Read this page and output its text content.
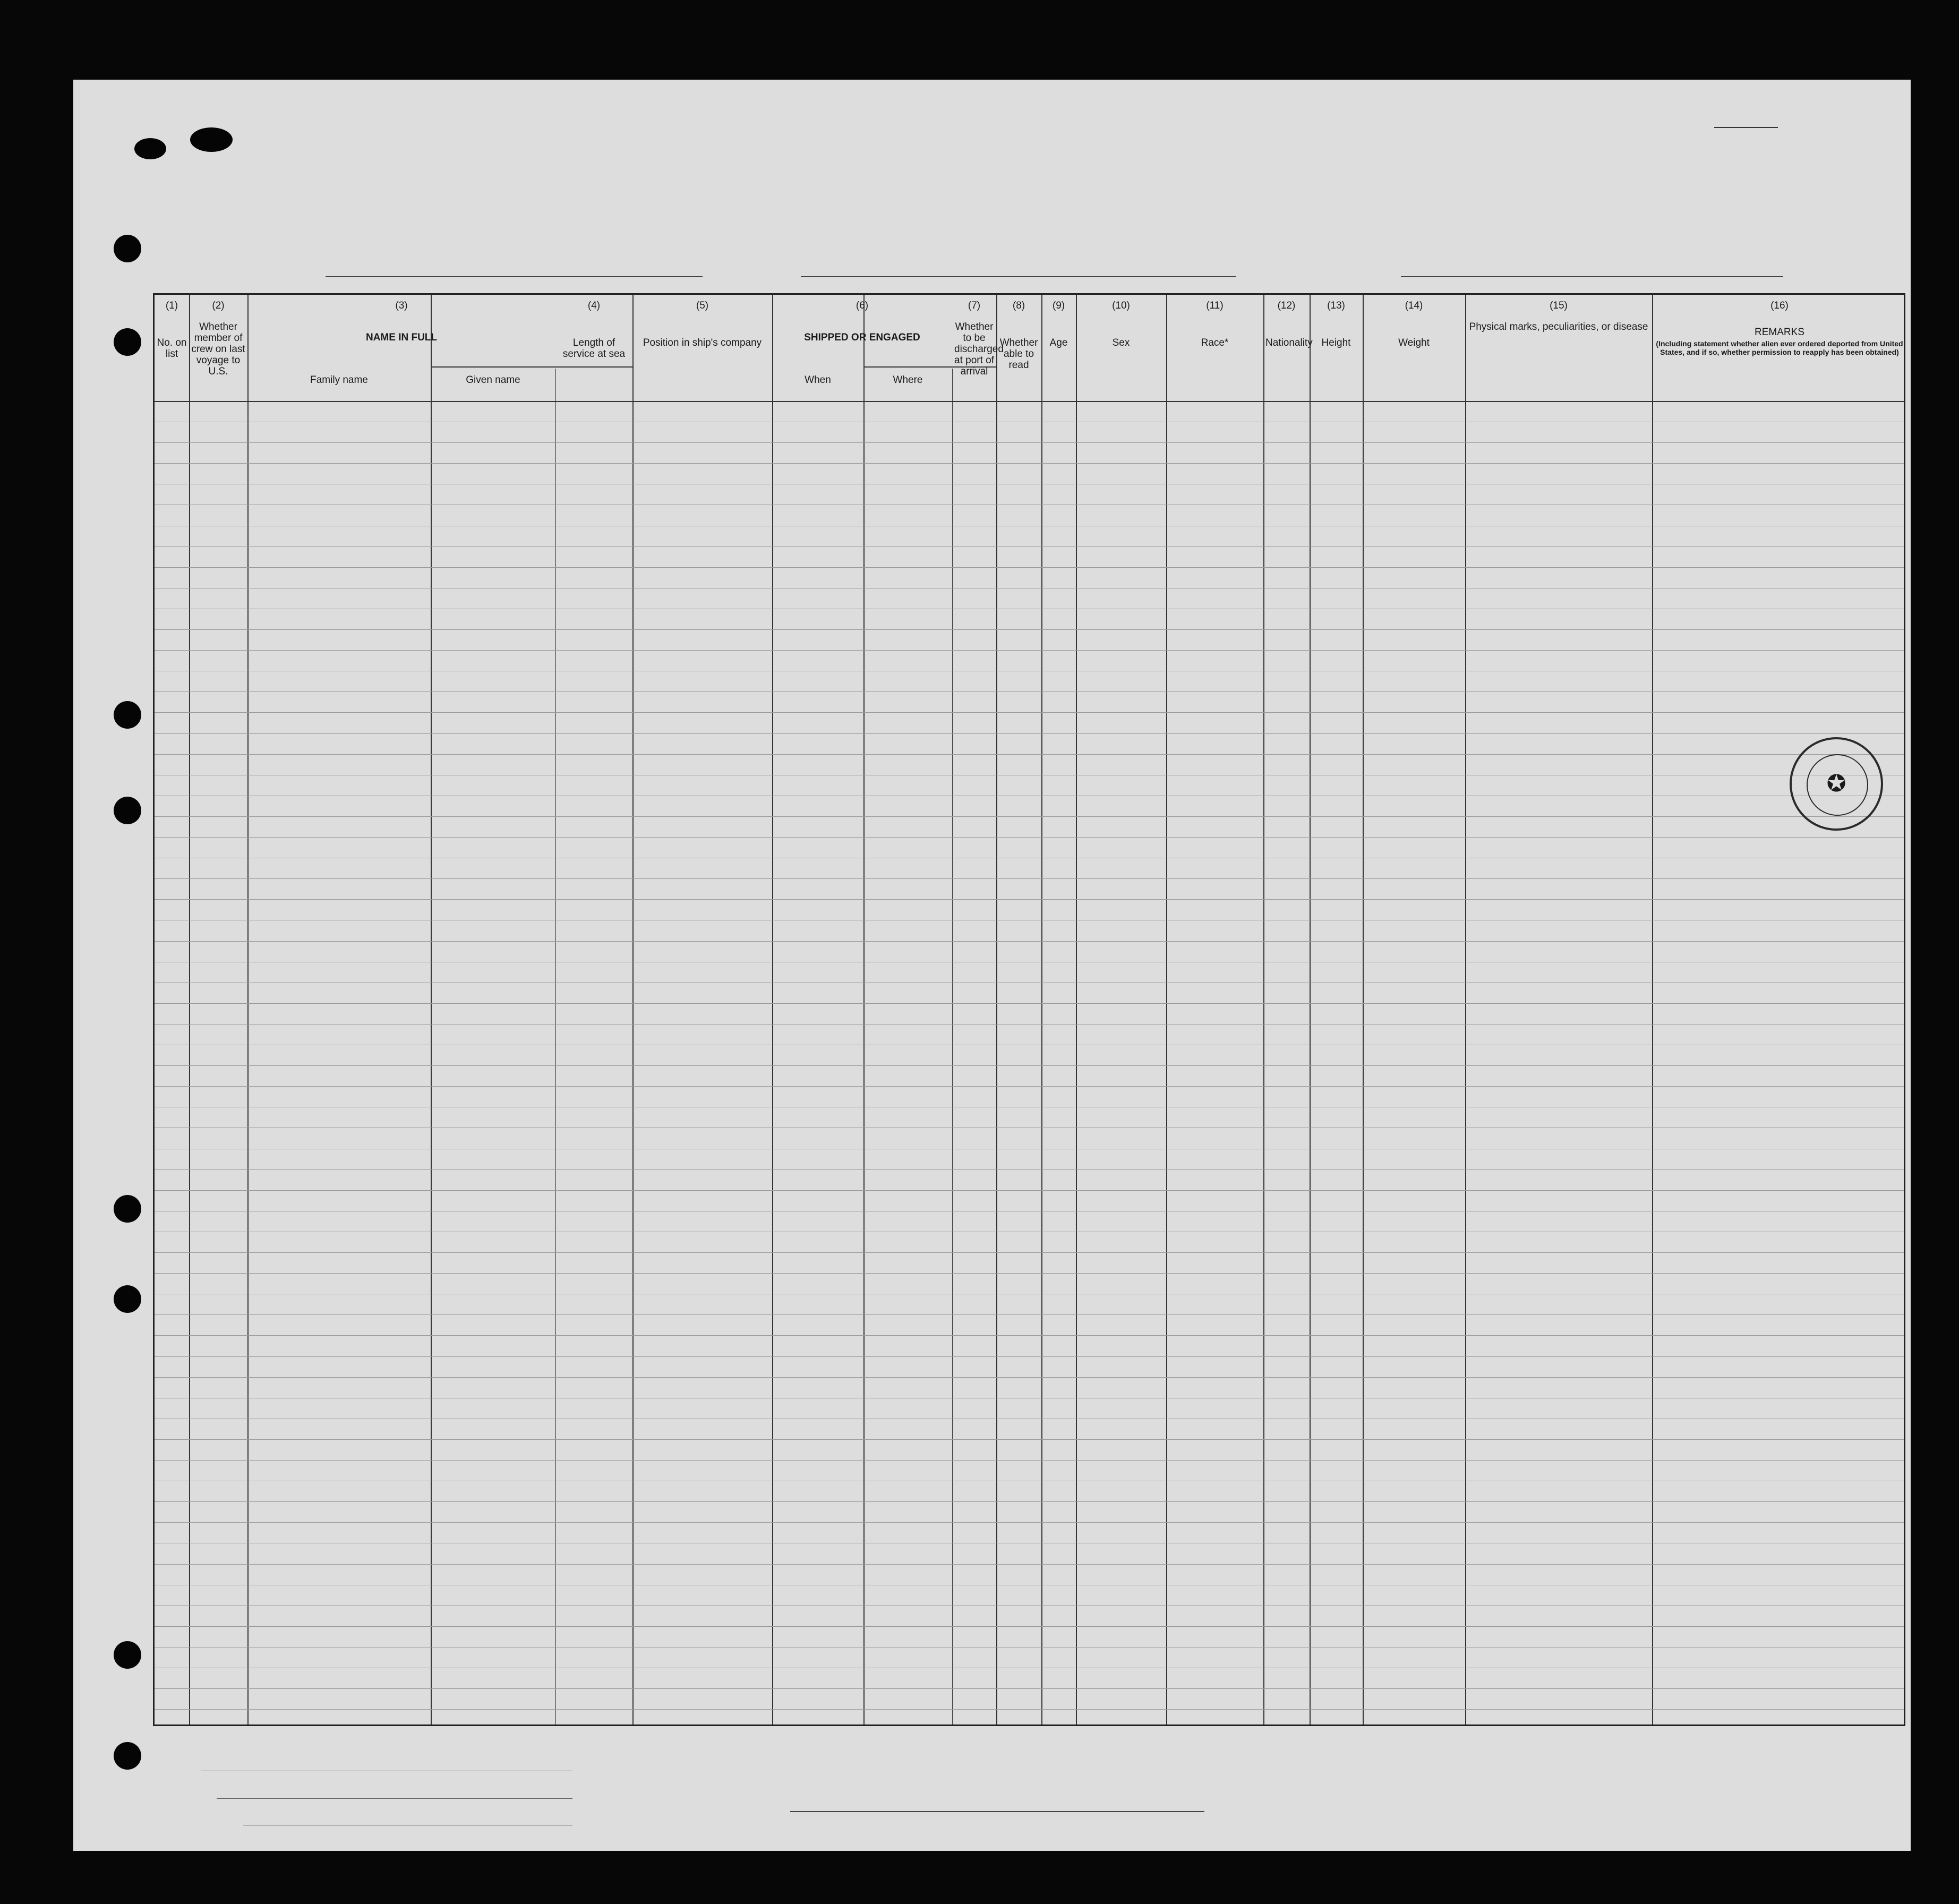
(1)
No. on list
(2)
Whether member of crew on last voyage to U.S.
(3)
NAME IN FULL
Family name	Given name
(4)
Length of service at sea
(5)
Position in ship's company
(6)
SHIPPED OR ENGAGED
When	Where
(7)
Whether to be discharged at port of arrival
(8)
Whether able to read
(9)
Age
(10)
Sex
(11)
Race*
(12)
Nationality
(13)
Height
(14)
Weight
(15)
Physical marks, peculiarities, or disease
(16)
REMARKS
(Including statement whether alien ever ordered deported from United States, and if so, whether permission to reapply has been obtained)
✪
